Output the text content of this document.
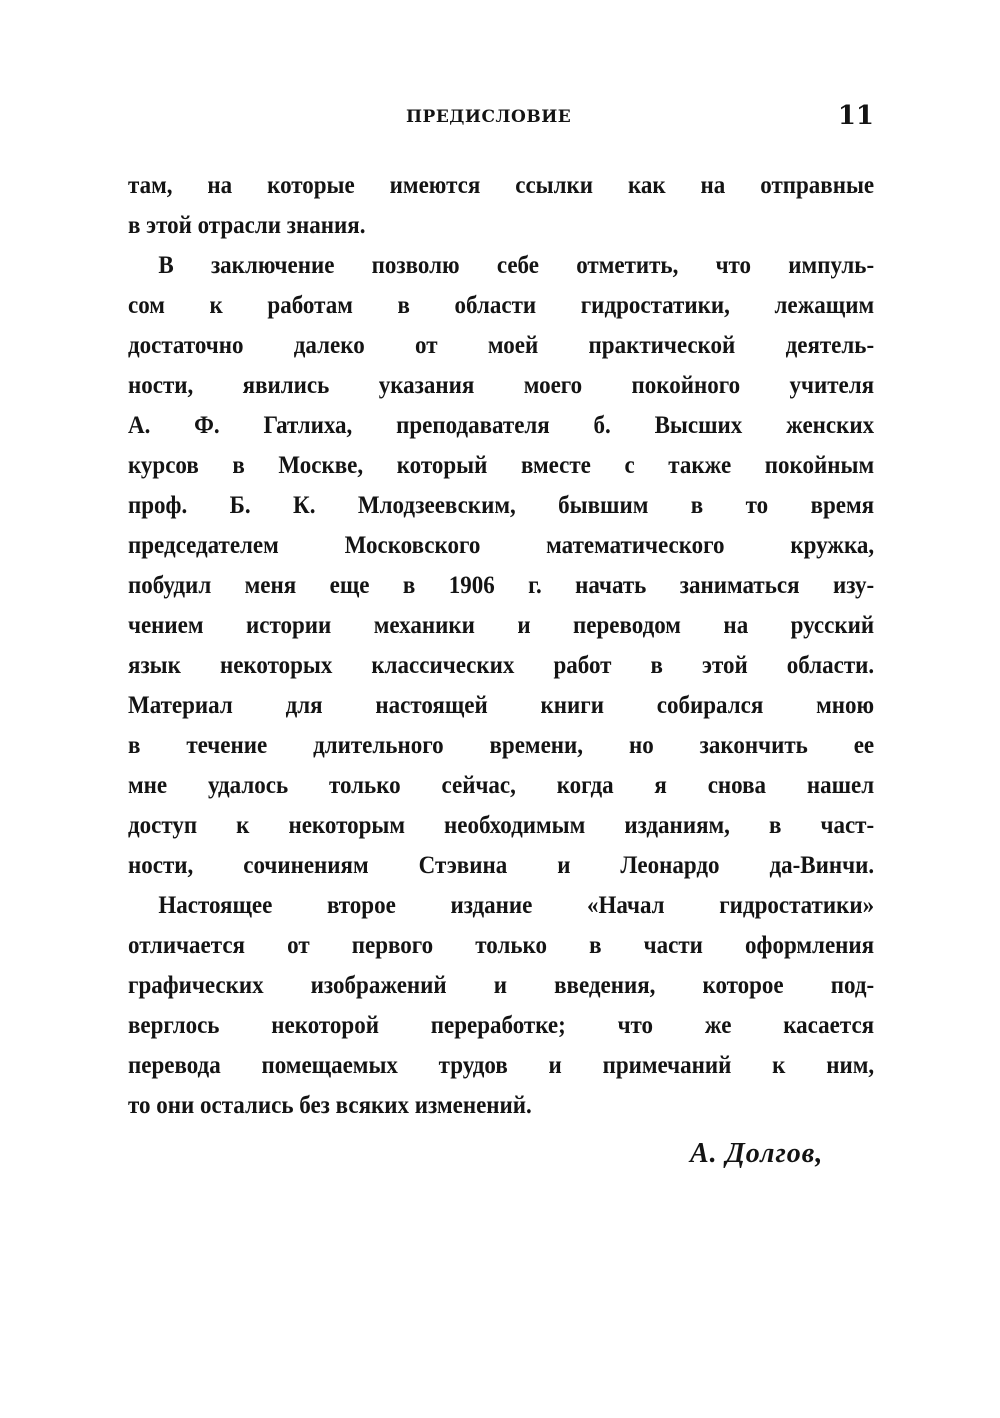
ПРЕДИСЛОВИЕ	11
там, на которые имеются ссылки как на отправные
в этой отрасли знания.
В заключение позволю себе отметить, что импуль-
сом к работам в области гидростатики, лежащим
достаточно далеко от моей практической деятель-
ности, явились указания моего покойного учителя
А. Ф. Гатлиха, преподавателя б. Высших женских
курсов в Москве, который вместе с также покойным
проф. Б. К. Млодзеевским, бывшим в то время
председателем Московского математического кружка,
побудил меня еще в 1906 г. начать заниматься изу-
чением истории механики и переводом на русский
язык некоторых классических работ в этой области.
Материал для настоящей книги собирался мною
в течение длительного времени, но закончить ее
мне удалось только сейчас, когда я снова нашел
доступ к некоторым необходимым изданиям, в част-
ности, сочинениям Стэвина и Леонардо да-Винчи.
Настоящее второе издание «Начал гидростатики»
отличается от первого только в части оформления
графических изображений и введения, которое под-
верглось некоторой переработке; что же касается
перевода помещаемых трудов и примечаний к ним,
то они остались без всяких изменений.
А. Долгов,
